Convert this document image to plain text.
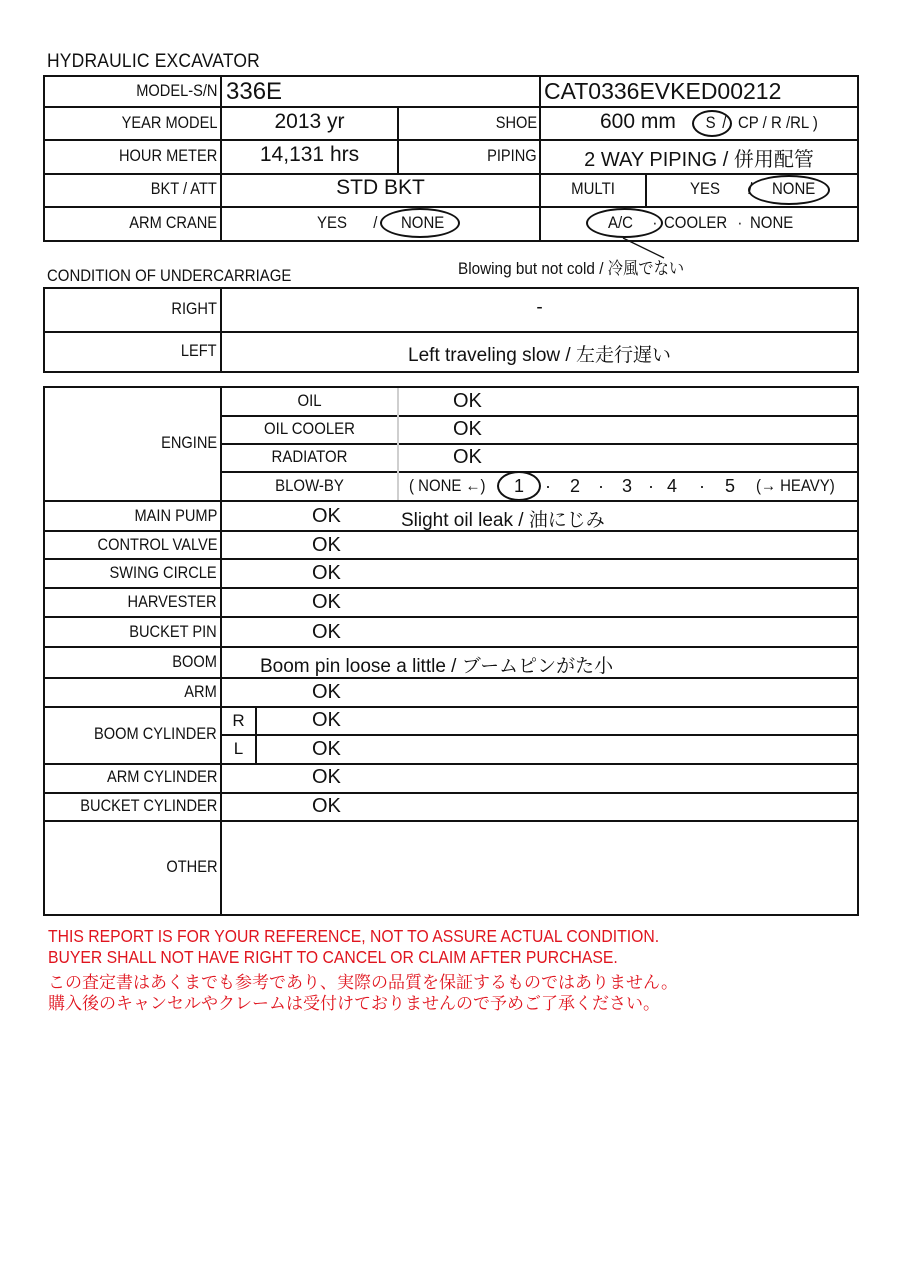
HYDRAULIC EXCAVATOR
MODEL-S/N 336E	CAT0336EVKED00212
YEAR MODEL	2013 yr	SHOE	600 mm S / CP / R /RL )
HOUR METER	14,131 hrs	PIPING	2 WAY PIPING / 併用配管
BKT / ATT	STD BKT	MULTI	YES / NONE
ARM CRANE	YES / NONE	A/C · COOLER · NONE
Blowing but not cold / 冷風でない
CONDITION OF UNDERCARRIAGE
RIGHT	-
LEFT	Left traveling slow / 左走行遅い
ENGINE
OIL	OK
OIL COOLER	OK
RADIATOR	OK
BLOW-BY	( NONE ←) 1 · 2 · 3 · 4 · 5 (→ HEAVY)
MAIN PUMP	OK	Slight oil leak / 油にじみ
CONTROL VALVE	OK
SWING CIRCLE	OK
HARVESTER	OK
BUCKET PIN	OK
BOOM Boom pin loose a little / ブームピンがた小
ARM	OK
BOOM CYLINDER
R	OK
L	OK
ARM CYLINDER	OK
BUCKET CYLINDER	OK
OTHER
THIS REPORT IS FOR YOUR REFERENCE, NOT TO ASSURE ACTUAL CONDITION.
BUYER SHALL NOT HAVE RIGHT TO CANCEL OR CLAIM AFTER PURCHASE.
この査定書はあくまでも参考であり、実際の品質を保証するものではありません。
購入後のキャンセルやクレームは受付けておりませんので予めご了承ください。
